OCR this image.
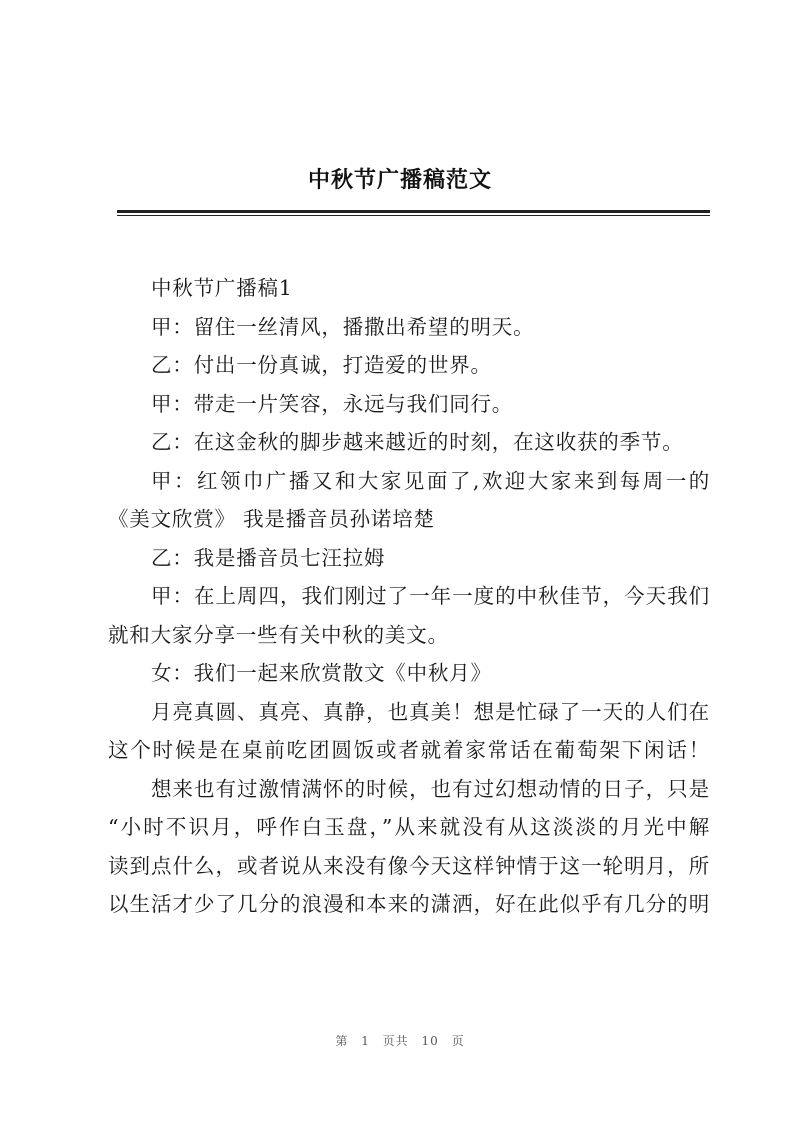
中秋节广播稿范文
中秋节广播稿1
甲：留住一丝清风，播撒出希望的明天。
乙：付出一份真诚，打造爱的世界。
甲：带走一片笑容，永远与我们同行。
乙：在这金秋的脚步越来越近的时刻，在这收获的季节。
甲：红领巾广播又和大家见面了,欢迎大家来到每周一的
《美文欣赏》 我是播音员孙诺培楚
乙：我是播音员七汪拉姆
甲：在上周四，我们刚过了一年一度的中秋佳节，今天我们
就和大家分享一些有关中秋的美文。
女：我们一起来欣赏散文《中秋月》
月亮真圆、真亮、真静，也真美！想是忙碌了一天的人们在
这个时候是在桌前吃团圆饭或者就着家常话在葡萄架下闲话！
想来也有过激情满怀的时候，也有过幻想动情的日子，只是
“小时不识月，呼作白玉盘，”从来就没有从这淡淡的月光中解
读到点什么，或者说从来没有像今天这样钟情于这一轮明月，所
以生活才少了几分的浪漫和本来的潇洒，好在此似乎有几分的明
第 1 页共 10 页
